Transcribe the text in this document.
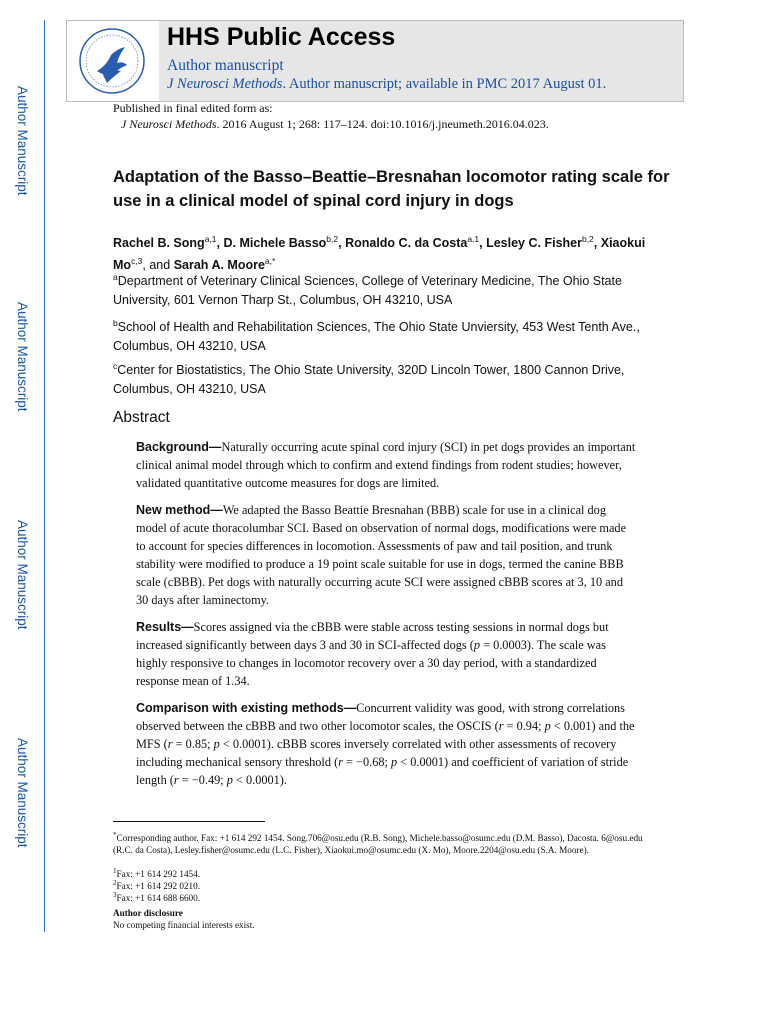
Author Manuscript
Author Manuscript
Author Manuscript
Author Manuscript
HHS Public Access
Author manuscript
J Neurosci Methods. Author manuscript; available in PMC 2017 August 01.
Published in final edited form as:
J Neurosci Methods. 2016 August 1; 268: 117–124. doi:10.1016/j.jneumeth.2016.04.023.
Adaptation of the Basso–Beattie–Bresnahan locomotor rating scale for use in a clinical model of spinal cord injury in dogs
Rachel B. Song$^{a,1}$, D. Michele Basso$^{b,2}$, Ronaldo C. da Costa$^{a,1}$, Lesley C. Fisher$^{b,2}$, Xiaokui Mo$^{c,3}$, and Sarah A. Moore$^{a,*}$
$^a$Department of Veterinary Clinical Sciences, College of Veterinary Medicine, The Ohio State University, 601 Vernon Tharp St., Columbus, OH 43210, USA
$^b$School of Health and Rehabilitation Sciences, The Ohio State Unviersity, 453 West Tenth Ave., Columbus, OH 43210, USA
$^c$Center for Biostatistics, The Ohio State University, 320D Lincoln Tower, 1800 Cannon Drive, Columbus, OH 43210, USA
Abstract
Background—Naturally occurring acute spinal cord injury (SCI) in pet dogs provides an important clinical animal model through which to confirm and extend findings from rodent studies; however, validated quantitative outcome measures for dogs are limited.
New method—We adapted the Basso Beattie Bresnahan (BBB) scale for use in a clinical dog model of acute thoracolumbar SCI. Based on observation of normal dogs, modifications were made to account for species differences in locomotion. Assessments of paw and tail position, and trunk stability were modified to produce a 19 point scale suitable for use in dogs, termed the canine BBB scale (cBBB). Pet dogs with naturally occurring acute SCI were assigned cBBB scores at 3, 10 and 30 days after laminectomy.
Results—Scores assigned via the cBBB were stable across testing sessions in normal dogs but increased significantly between days 3 and 30 in SCI-affected dogs (p = 0.0003). The scale was highly responsive to changes in locomotor recovery over a 30 day period, with a standardized response mean of 1.34.
Comparison with existing methods—Concurrent validity was good, with strong correlations observed between the cBBB and two other locomotor scales, the OSCIS (r = 0.94; p < 0.001) and the MFS (r = 0.85; p < 0.0001). cBBB scores inversely correlated with other assessments of recovery including mechanical sensory threshold (r = −0.68; p < 0.0001) and coefficient of variation of stride length (r = −0.49; p < 0.0001).
*Corresponding author. Fax: +1 614 292 1454. Song.706@osu.edu (R.B. Song), Michele.basso@osumc.edu (D.M. Basso), Dacosta. 6@osu.edu (R.C. da Costa), Lesley.fisher@osumc.edu (L.C. Fisher), Xiaokui.mo@osumc.edu (X. Mo), Moore.2204@osu.edu (S.A. Moore).
$^1$Fax: +1 614 292 1454.
$^2$Fax: +1 614 292 0210.
$^3$Fax: +1 614 688 6600.
Author disclosure
No competing financial interests exist.
